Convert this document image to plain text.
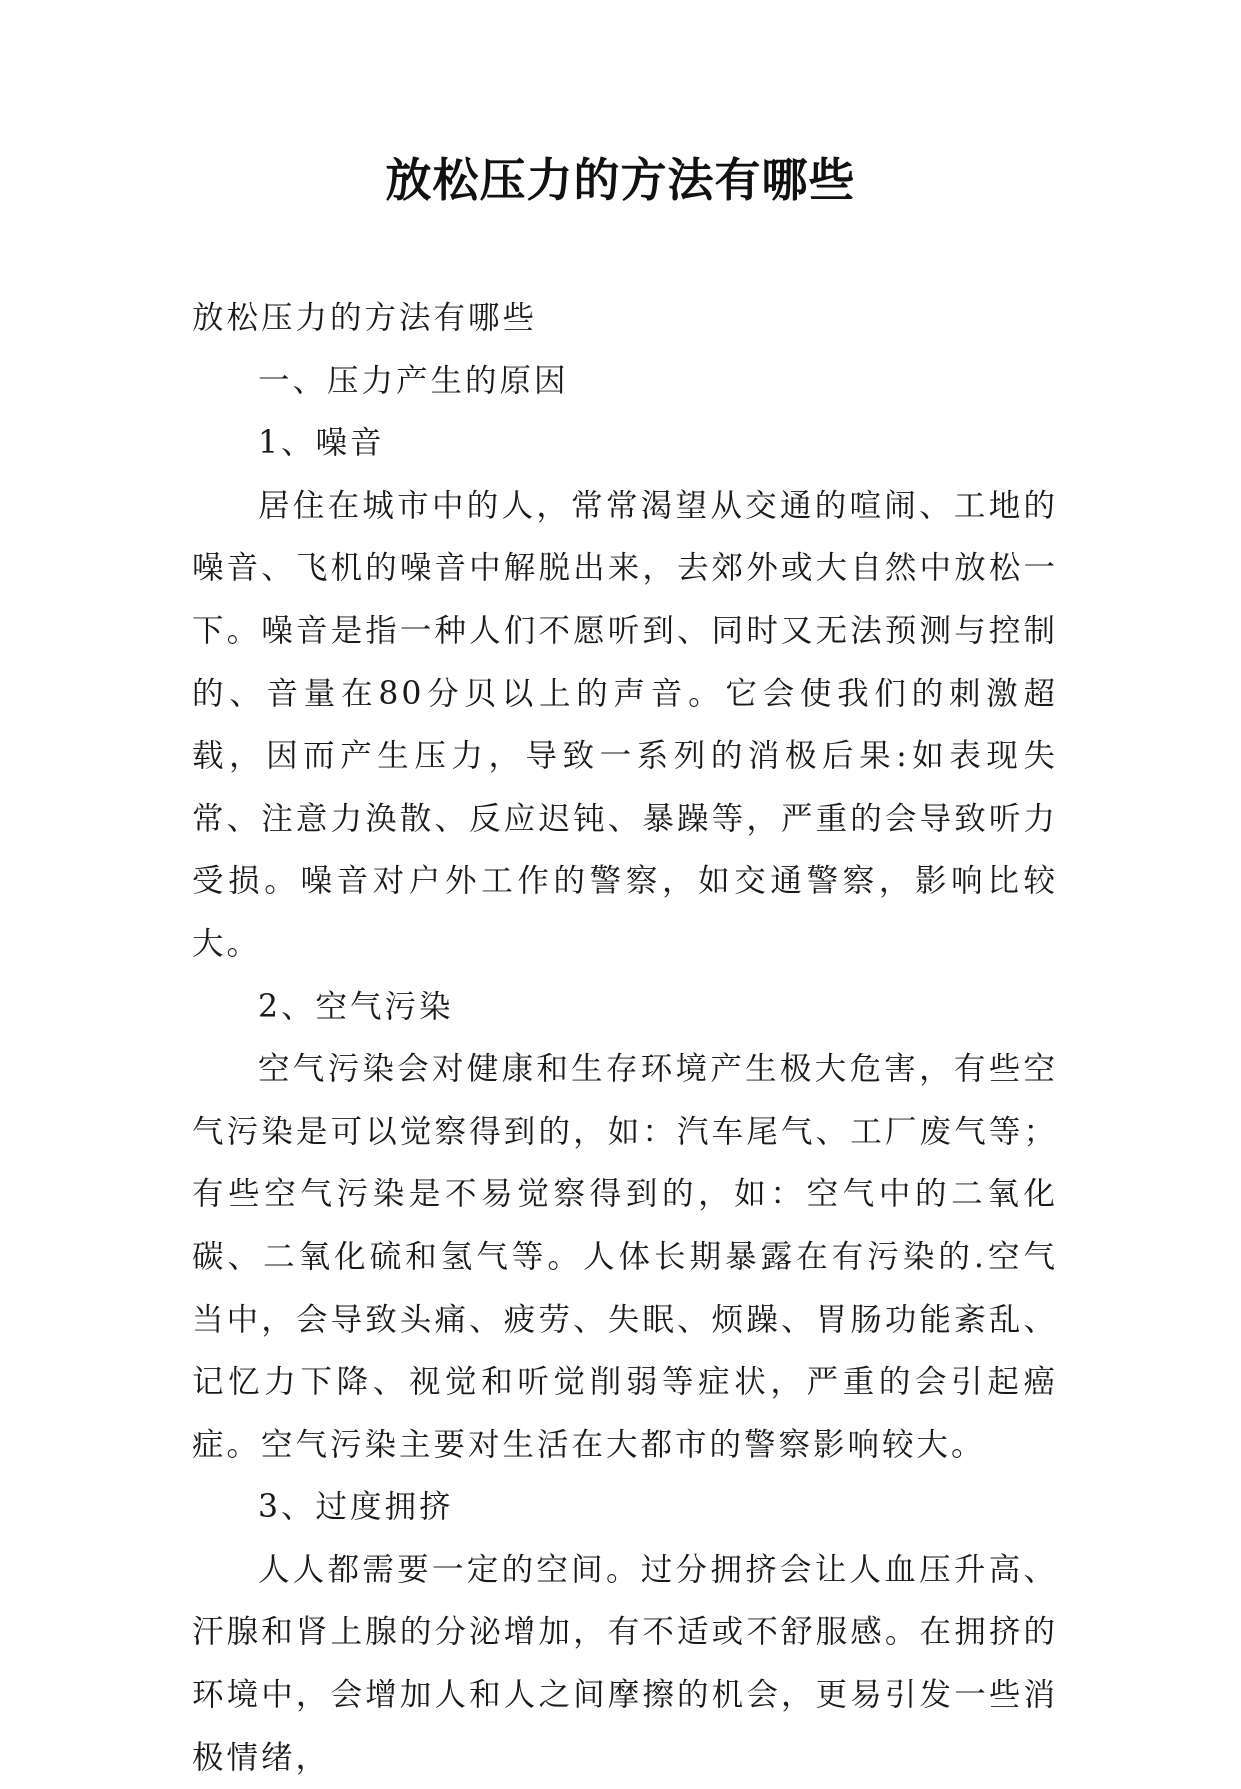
放松压力的方法有哪些

放松压力的方法有哪些

一、压力产生的原因

1、噪音

居住在城市中的人，常常渴望从交通的喧闹、工地的噪音、飞机的噪音中解脱出来，去郊外或大自然中放松一下。噪音是指一种人们不愿听到、同时又无法预测与控制的、音量在80分贝以上的声音。它会使我们的刺激超载，因而产生压力，导致一系列的消极后果:如表现失常、注意力涣散、反应迟钝、暴躁等，严重的会导致听力受损。噪音对户外工作的警察，如交通警察，影响比较大。

2、空气污染

空气污染会对健康和生存环境产生极大危害，有些空气污染是可以觉察得到的，如：汽车尾气、工厂废气等；有些空气污染是不易觉察得到的，如：空气中的二氧化碳、二氧化硫和氢气等。人体长期暴露在有污染的.空气当中，会导致头痛、疲劳、失眠、烦躁、胃肠功能紊乱、记忆力下降、视觉和听觉削弱等症状，严重的会引起癌症。空气污染主要对生活在大都市的警察影响较大。

3、过度拥挤

人人都需要一定的空间。过分拥挤会让人血压升高、汗腺和肾上腺的分泌增加，有不适或不舒服感。在拥挤的环境中，会增加人和人之间摩擦的机会，更易引发一些消极情绪，
